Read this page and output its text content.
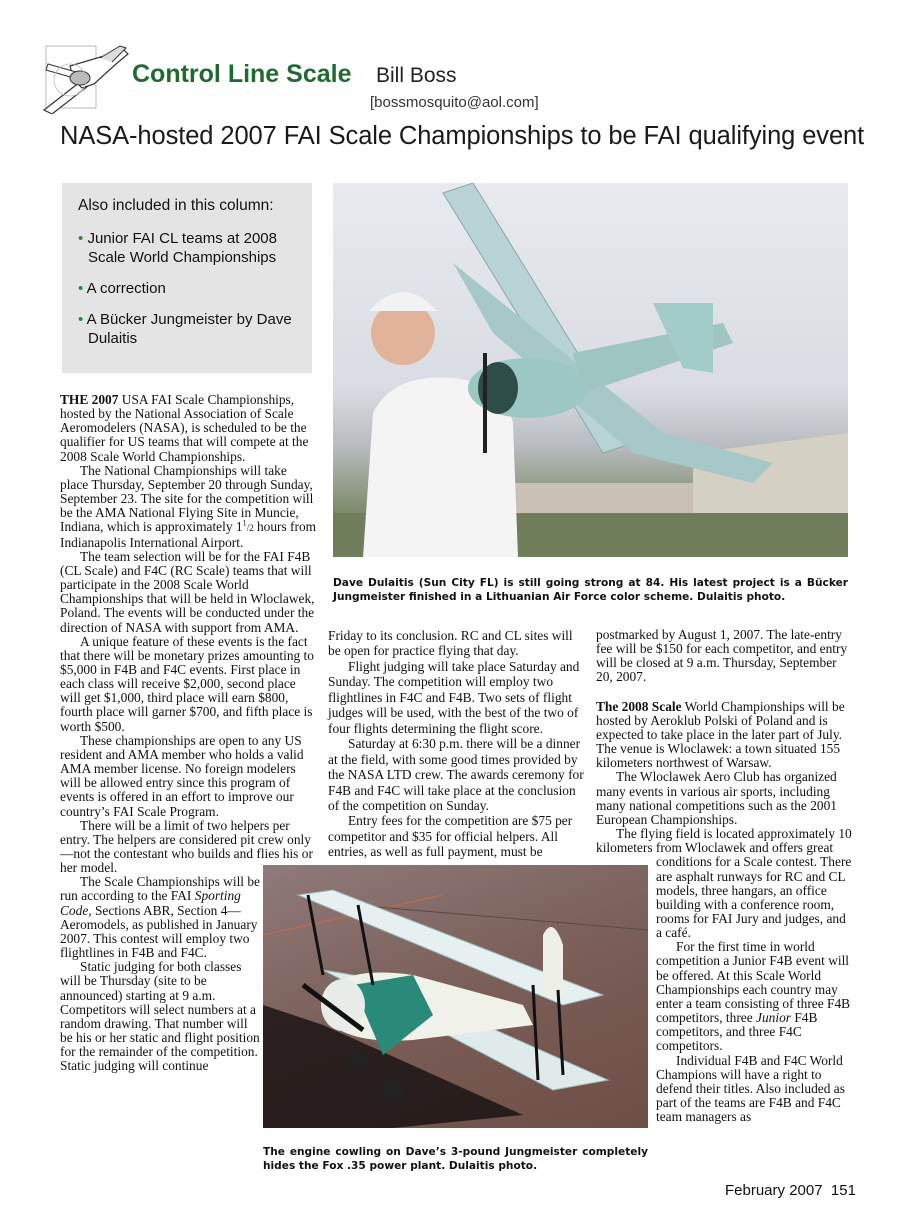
Control Line Scale Bill Boss
[bossmosquito@aol.com]
NASA-hosted 2007 FAI Scale Championships to be FAI qualifying event
Also included in this column:
• Junior FAI CL teams at 2008 Scale World Championships
• A correction
• A Bücker Jungmeister by Dave Dulaitis
Dave Dulaitis (Sun City FL) is still going strong at 84. His latest project is a Bücker Jungmeister finished in a Lithuanian Air Force color scheme. Dulaitis photo.
The engine cowling on Dave’s 3-pound Jungmeister completely hides the Fox .35 power plant. Dulaitis photo.

THE 2007 USA FAI Scale Championships, hosted by the National Association of Scale Aeromodelers (NASA), is scheduled to be the qualifier for US teams that will compete at the 2008 Scale World Championships.

The National Championships will take place Thursday, September 20 through Sunday, September 23. The site for the competition will be the AMA National Flying Site in Muncie, Indiana, which is approximately $1^1/2$ hours from Indianapolis International Airport.

The team selection will be for the FAI F4B (CL Scale) and F4C (RC Scale) teams that will participate in the 2008 Scale World Championships that will be held in Wloclawek, Poland. The events will be conducted under the direction of NASA with support from AMA.

A unique feature of these events is the fact that there will be monetary prizes amounting to $5,000 in F4B and F4C events. First place in each class will receive $2,000, second place will get $1,000, third place will earn $800, fourth place will garner $700, and fifth place is worth $500.

These championships are open to any US resident and AMA member who holds a valid AMA member license. No foreign modelers will be allowed entry since this program of events is offered in an effort to improve our country’s FAI Scale Program.

There will be a limit of two helpers per entry. The helpers are considered pit crew only—not the contestant who builds and flies his or her model.

The Scale Championships will be run according to the FAI Sporting Code, Sections ABR, Section 4—Aeromodels, as published in January 2007. This contest will employ two flightlines in F4B and F4C.

Static judging for both classes will be Thursday (site to be announced) starting at 9 a.m. Competitors will select numbers at a random drawing. That number will be his or her static and flight position for the remainder of the competition. Static judging will continue

Friday to its conclusion. RC and CL sites will be open for practice flying that day.

Flight judging will take place Saturday and Sunday. The competition will employ two flightlines in F4C and F4B. Two sets of flight judges will be used, with the best of the two of four flights determining the flight score.

Saturday at 6:30 p.m. there will be a dinner at the field, with some good times provided by the NASA LTD crew. The awards ceremony for F4B and F4C will take place at the conclusion of the competition on Sunday.

Entry fees for the competition are $75 per competitor and $35 for official helpers. All entries, as well as full payment, must be

postmarked by August 1, 2007. The late-entry fee will be $150 for each competitor, and entry will be closed at 9 a.m. Thursday, September 20, 2007.

The 2008 Scale World Championships will be hosted by Aeroklub Polski of Poland and is expected to take place in the later part of July. The venue is Wloclawek: a town situated 155 kilometers northwest of Warsaw.

The Wloclawek Aero Club has organized many events in various air sports, including many national competitions such as the 2001 European Championships.

The flying field is located approximately 10 kilometers from Wloclawek and offers great conditions for a Scale contest. There are asphalt runways for RC and CL models, three hangars, an office building with a conference room, rooms for FAI Jury and judges, and a café.

For the first time in world competition a Junior F4B event will be offered. At this Scale World Championships each country may enter a team consisting of three F4B competitors, three Junior F4B competitors, and three F4C competitors.

Individual F4B and F4C World Champions will have a right to defend their titles. Also included as part of the teams are F4B and F4C team managers as

February 2007 151
